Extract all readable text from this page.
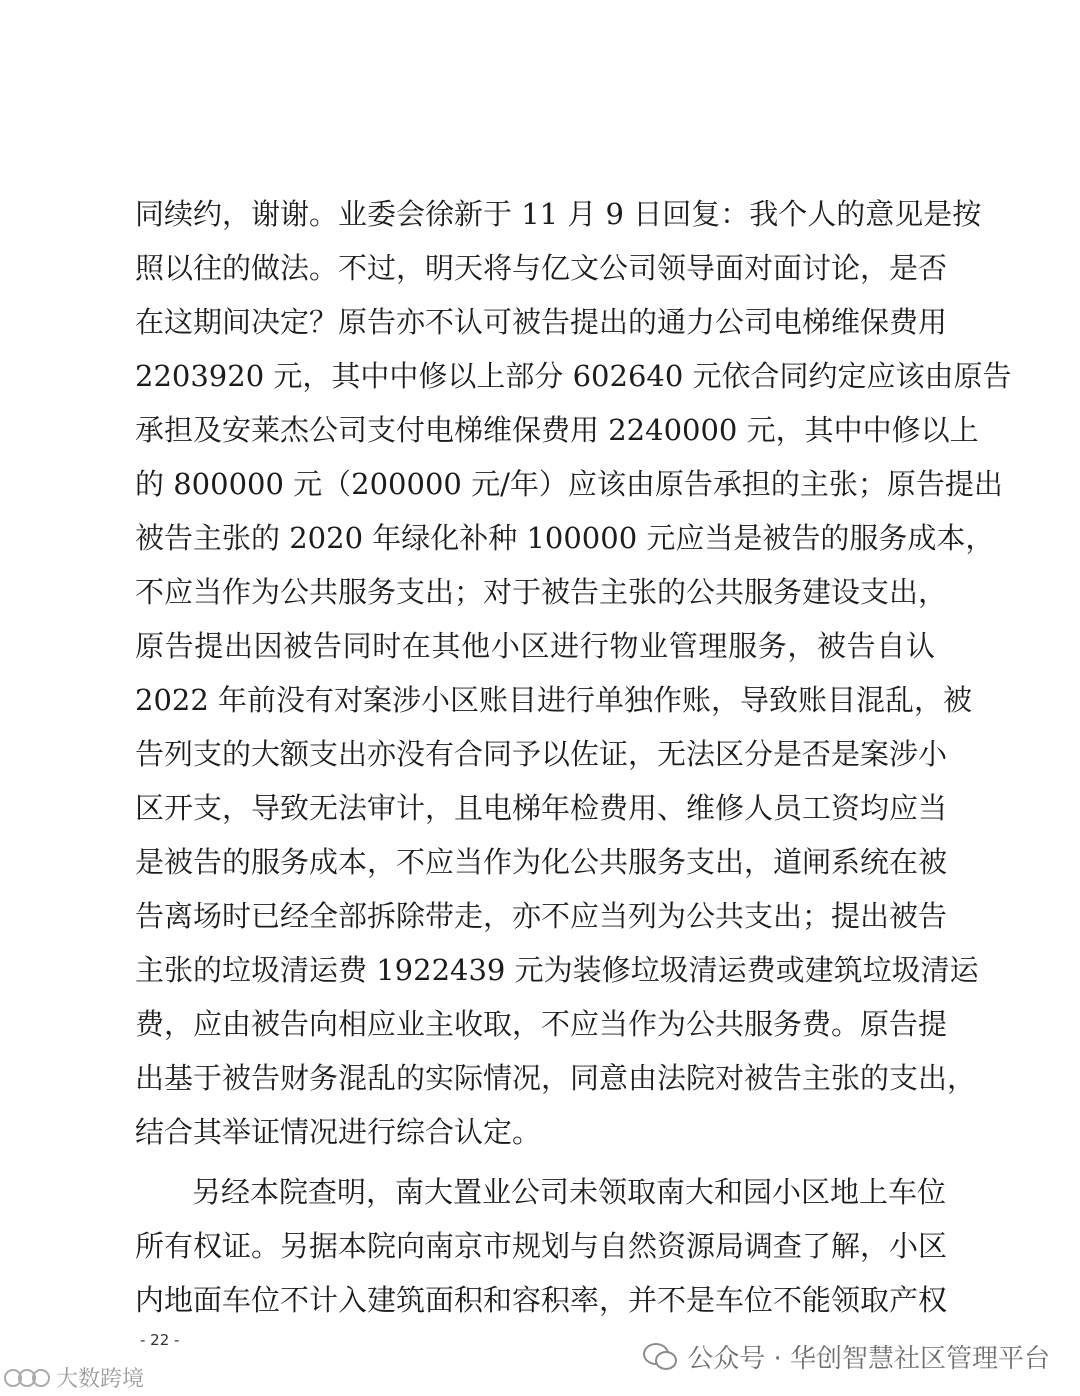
同续约，谢谢。业委会徐新于 11 月 9 日回复：我个人的意见是按
照以往的做法。不过，明天将与亿文公司领导面对面讨论，是否
在这期间决定？原告亦不认可被告提出的通力公司电梯维保费用
2203920 元，其中中修以上部分 602640 元依合同约定应该由原告
承担及安莱杰公司支付电梯维保费用 2240000 元，其中中修以上
的 800000 元（200000 元/年）应该由原告承担的主张；原告提出
被告主张的 2020 年绿化补种 100000 元应当是被告的服务成本，
不应当作为公共服务支出；对于被告主张的公共服务建设支出，
原告提出因被告同时在其他小区进行物业管理服务，被告自认
2022 年前没有对案涉小区账目进行单独作账，导致账目混乱，被
告列支的大额支出亦没有合同予以佐证，无法区分是否是案涉小
区开支，导致无法审计，且电梯年检费用、维修人员工资均应当
是被告的服务成本，不应当作为化公共服务支出，道闸系统在被
告离场时已经全部拆除带走，亦不应当列为公共支出；提出被告
主张的垃圾清运费 1922439 元为装修垃圾清运费或建筑垃圾清运
费，应由被告向相应业主收取，不应当作为公共服务费。原告提
出基于被告财务混乱的实际情况，同意由法院对被告主张的支出，
结合其举证情况进行综合认定。
另经本院查明，南大置业公司未领取南大和园小区地上车位
所有权证。另据本院向南京市规划与自然资源局调查了解，小区
内地面车位不计入建筑面积和容积率，并不是车位不能领取产权
- 22 -
公众号 · 华创智慧社区管理平台
大数跨境
